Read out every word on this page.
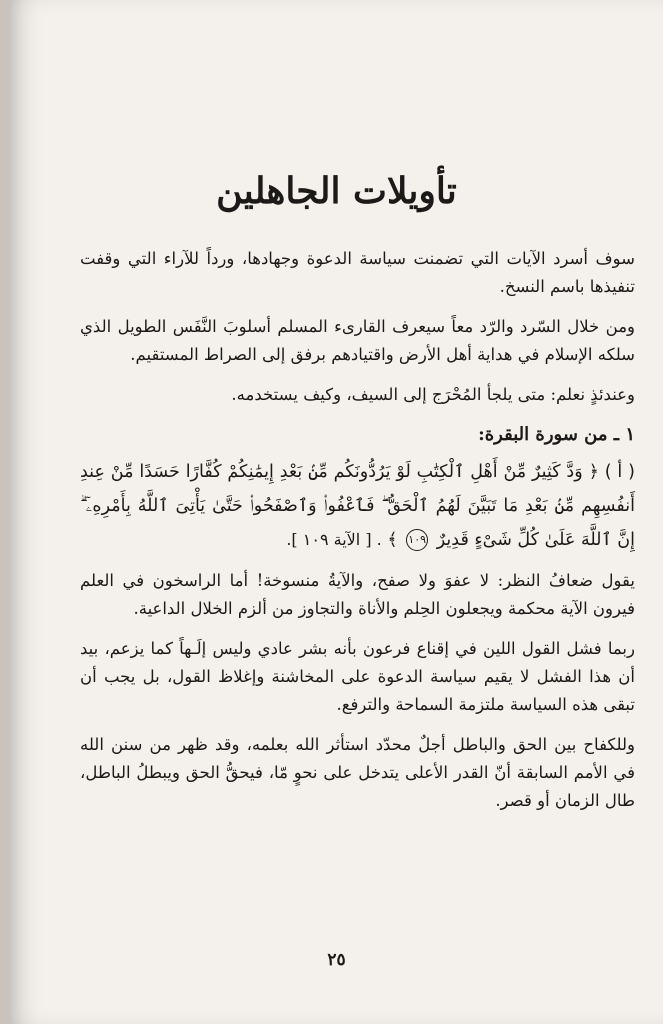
تأويلات الجاهلين

سوف أسرد الآيات التي تضمنت سياسة الدعوة وجهادها، ورداً للآراء التي وقفت تنفيذها باسم النسخ.

ومن خلال السّرد والرّد معاً سيعرف القارىء المسلم أسلوبَ النَّفَس الطويل الذي سلكه الإسلام في هداية أهل الأرض واقتيادهم برفق إلى الصراط المستقيم.

وعندئذٍ نعلم: متى يلجأ المُحْرَج إلى السيف، وكيف يستخدمه.

١ ـ من سورة البقرة:
( أ ) ﴿ وَدَّ كَثِيرٌ مِّنْ أَهْلِ ٱلْكِتَٰبِ لَوْ يَرُدُّونَكُم مِّنۢ بَعْدِ إِيمَٰنِكُمْ كُفَّارًا حَسَدًا مِّنْ عِندِ أَنفُسِهِم مِّنۢ بَعْدِ مَا تَبَيَّنَ لَهُمُ ٱلْحَقُّ ۖ فَٱعْفُوا۟ وَٱصْفَحُوا۟ حَتَّىٰ يَأْتِىَ ٱللَّهُ بِأَمْرِهِۦٓ ۗ إِنَّ ٱللَّهَ عَلَىٰ كُلِّ شَىْءٍ قَدِيرٌ ١٠٩ ﴾ . [ الآية ١٠٩ ].

يقول ضعافُ النظر: لا عفوَ ولا صفح، والآيةُ منسوخة! أما الراسخون في العلم فيرون الآية محكمة ويجعلون الحِلم والأناة والتجاوز من ألزم الخلال الداعية.

ربما فشل القول اللين في إقناع فرعون بأنه بشر عادي وليس إلَـهاً كما يزعم، بيد أن هذا الفشل لا يقيم سياسة الدعوة على المخاشنة وإغلاظ القول، بل يجب أن تبقى هذه السياسة ملتزمة السماحة والترفع.

وللكفاح بين الحق والباطل أجلٌ محدّد استأثر الله بعلمه، وقد ظهر من سنن الله في الأمم السابقة أنّ القدر الأعلى يتدخل على نحوٍ مّا، فيحقُّ الحق ويبطلُ الباطل، طال الزمان أو قصر.

٢٥
